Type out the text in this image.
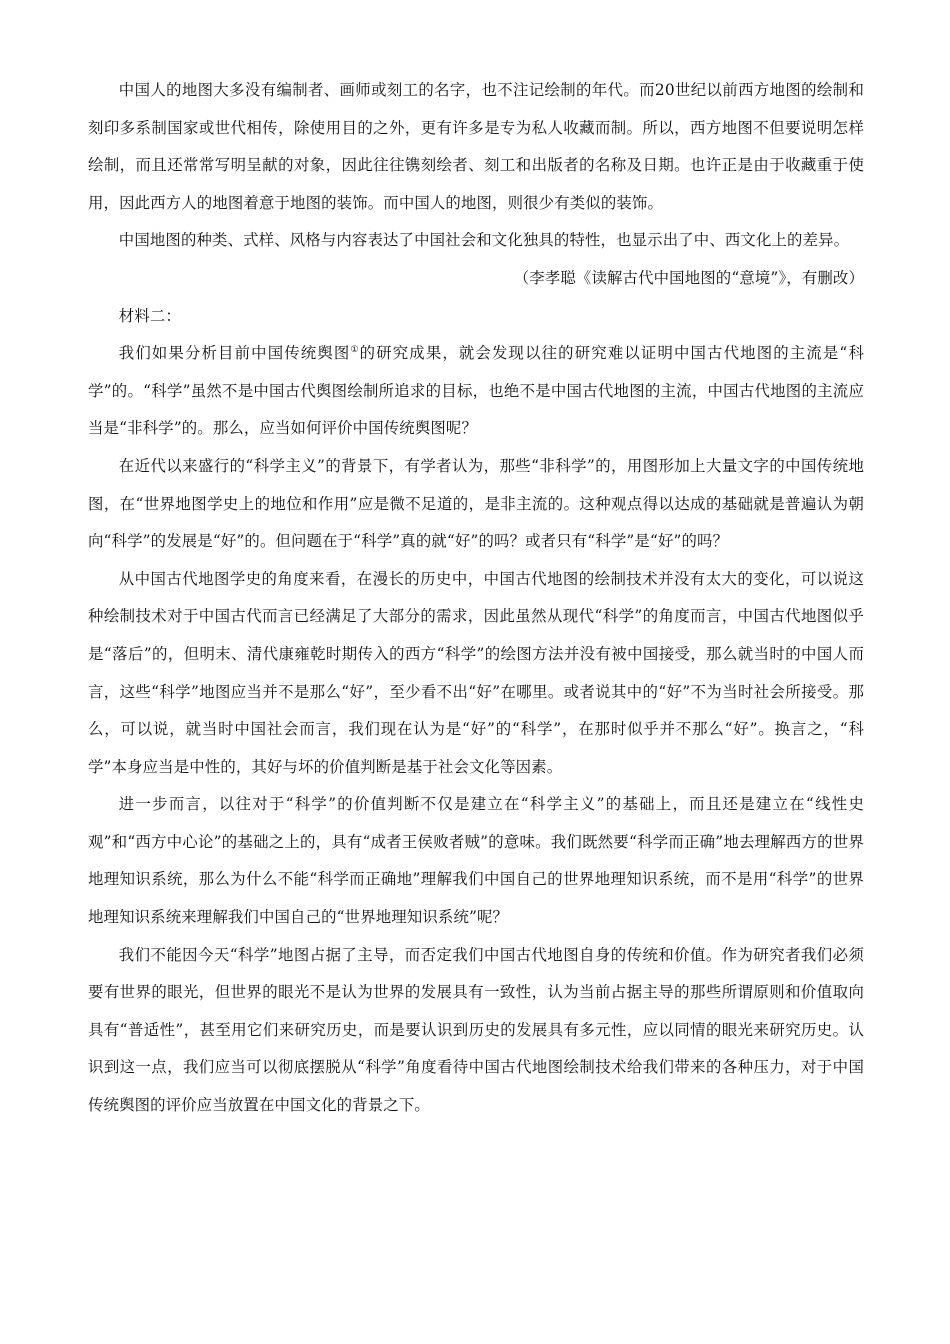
中国人的地图大多没有编制者、画师或刻工的名字，也不注记绘制的年代。而20世纪以前西方地图的绘制和刻印多系制国家或世代相传，除使用目的之外，更有许多是专为私人收藏而制。所以，西方地图不但要说明怎样绘制，而且还常常写明呈献的对象，因此往往镌刻绘者、刻工和出版者的名称及日期。也许正是由于收藏重于使用，因此西方人的地图着意于地图的装饰。而中国人的地图，则很少有类似的装饰。

中国地图的种类、式样、风格与内容表达了中国社会和文化独具的特性，也显示出了中、西文化上的差异。

（李孝聪《读解古代中国地图的“意境”》，有删改）

材料二：

我们如果分析目前中国传统舆图①的研究成果，就会发现以往的研究难以证明中国古代地图的主流是“科学”的。“科学”虽然不是中国古代舆图绘制所追求的目标，也绝不是中国古代地图的主流，中国古代地图的主流应当是“非科学”的。那么，应当如何评价中国传统舆图呢？

在近代以来盛行的“科学主义”的背景下，有学者认为，那些“非科学”的，用图形加上大量文字的中国传统地图，在“世界地图学史上的地位和作用”应是微不足道的，是非主流的。这种观点得以达成的基础就是普遍认为朝向“科学”的发展是“好”的。但问题在于“科学”真的就“好”的吗？或者只有“科学”是“好”的吗？

从中国古代地图学史的角度来看，在漫长的历史中，中国古代地图的绘制技术并没有太大的变化，可以说这种绘制技术对于中国古代而言已经满足了大部分的需求，因此虽然从现代“科学”的角度而言，中国古代地图似乎是“落后”的，但明末、清代康雍乾时期传入的西方“科学”的绘图方法并没有被中国接受，那么就当时的中国人而言，这些“科学”地图应当并不是那么“好”，至少看不出“好”在哪里。或者说其中的“好”不为当时社会所接受。那么，可以说，就当时中国社会而言，我们现在认为是“好”的“科学”，在那时似乎并不那么“好”。换言之，“科学”本身应当是中性的，其好与坏的价值判断是基于社会文化等因素。

进一步而言，以往对于“科学”的价值判断不仅是建立在“科学主义”的基础上，而且还是建立在“线性史观”和“西方中心论”的基础之上的，具有“成者王侯败者贼”的意味。我们既然要“科学而正确”地去理解西方的世界地理知识系统，那么为什么不能“科学而正确地”理解我们中国自己的世界地理知识系统，而不是用“科学”的世界地理知识系统来理解我们中国自己的“世界地理知识系统”呢？

我们不能因今天“科学”地图占据了主导，而否定我们中国古代地图自身的传统和价值。作为研究者我们必须要有世界的眼光，但世界的眼光不是认为世界的发展具有一致性，认为当前占据主导的那些所谓原则和价值取向具有“普适性”，甚至用它们来研究历史，而是要认识到历史的发展具有多元性，应以同情的眼光来研究历史。认识到这一点，我们应当可以彻底摆脱从“科学”角度看待中国古代地图绘制技术给我们带来的各种压力，对于中国传统舆图的评价应当放置在中国文化的背景之下。
